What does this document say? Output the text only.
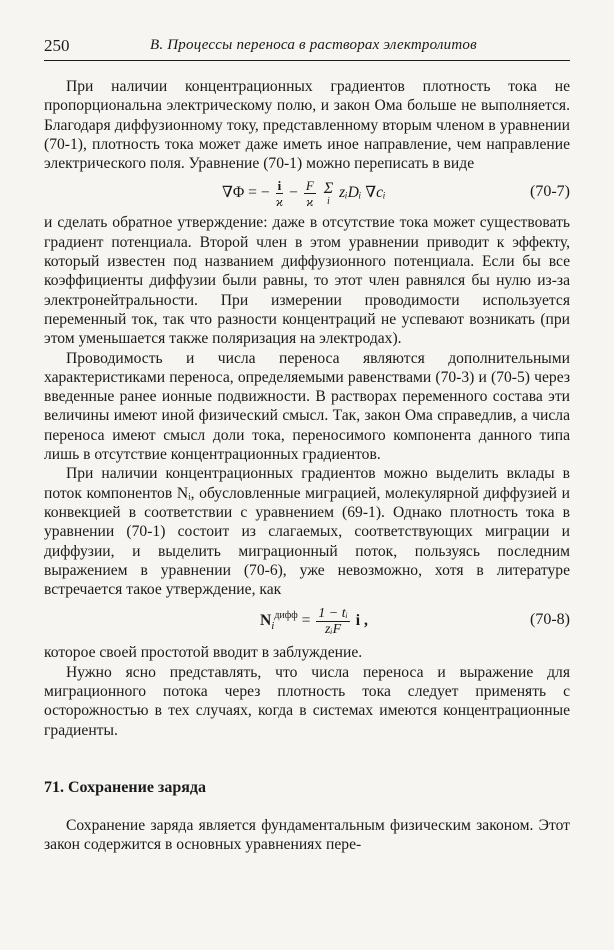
250	В. Процессы переноса в растворах электролитов

При наличии концентрационных градиентов плотность тока не пропорциональна электрическому полю, и закон Ома больше не выполняется. Благодаря диффузионному току, представленному вторым членом в уравнении (70-1), плотность тока может даже иметь иное направление, чем направление электрического поля. Уравнение (70-1) можно переписать в виде

∇Φ = − $\frac{i}{ϰ} - \frac{F}{ϰ}$
Σ
i
zᵢDᵢ ∇cᵢ	(70-7)

и сделать обратное утверждение: даже в отсутствие тока может существовать градиент потенциала. Второй член в этом уравнении приводит к эффекту, который известен под названием диффузионного потенциала. Если бы все коэффициенты диффузии были равны, то этот член равнялся бы нулю из-за электронейтральности. При измерении проводимости используется переменный ток, так что разности концентраций не успевают возникать (при этом уменьшается также поляризация на электродах).

Проводимость и числа переноса являются дополнительными характеристиками переноса, определяемыми равенствами (70-3) и (70-5) через введенные ранее ионные подвижности. В растворах переменного состава эти величины имеют иной физический смысл. Так, закон Ома справедлив, а числа переноса имеют смысл доли тока, переносимого компонента данного типа лишь в отсутствие концентрационных градиентов.

При наличии концентрационных градиентов можно выделить вклады в поток компонентов Nᵢ, обусловленные миграцией, молекулярной диффузией и конвекцией в соответствии с уравнением (69-1). Однако плотность тока в уравнении (70-1) состоит из слагаемых, соответствующих миграции и диффузии, и выделить миграционный поток, пользуясь последним выражением в уравнении (70-6), уже невозможно, хотя в литературе встречается такое утверждение, как

$N_i^{дифф} = \frac{\text{1 − tᵢ}}{\text{zᵢF}}$ i ,	(70-8)

которое своей простотой вводит в заблуждение.

Нужно ясно представлять, что числа переноса и выражение для миграционного потока через плотность тока следует применять с осторожностью в тех случаях, когда в системах имеются концентрационные градиенты.

71. Сохранение заряда

Сохранение заряда является фундаментальным физическим законом. Этот закон содержится в основных уравнениях пере-
